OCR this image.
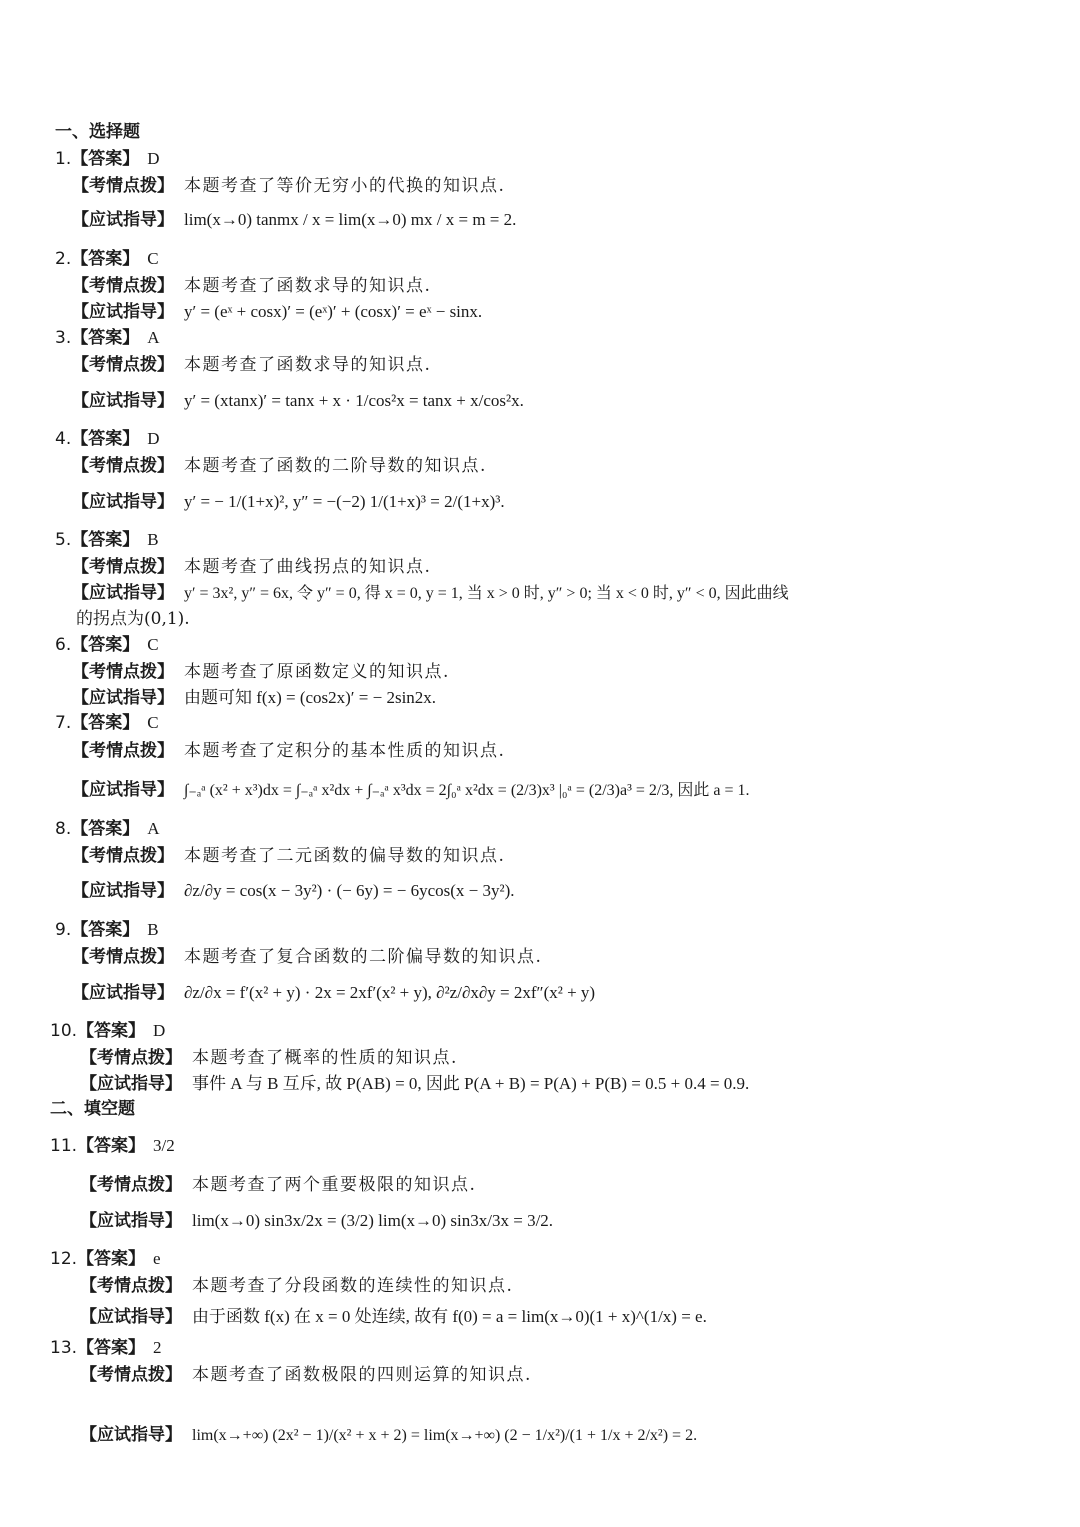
一、选择题
1.【答案】 D
【考情点拨】 本题考查了等价无穷小的代换的知识点.
【应试指导】 lim(x→0) tanmx / x = lim(x→0) mx / x = m = 2.
2.【答案】 C
【考情点拨】 本题考查了函数求导的知识点.
【应试指导】 y′ = (eˣ + cosx)′ = (eˣ)′ + (cosx)′ = eˣ − sinx.
3.【答案】 A
【考情点拨】 本题考查了函数求导的知识点.
【应试指导】 y′ = (xtanx)′ = tanx + x · 1/cos²x = tanx + x/cos²x.
4.【答案】 D
【考情点拨】 本题考查了函数的二阶导数的知识点.
【应试指导】 y′ = − 1/(1+x)², y″ = −(−2) 1/(1+x)³ = 2/(1+x)³.
5.【答案】 B
【考情点拨】 本题考查了曲线拐点的知识点.
【应试指导】 y′ = 3x², y″ = 6x, 令 y″ = 0, 得 x = 0, y = 1, 当 x > 0 时, y″ > 0; 当 x < 0 时, y″ < 0, 因此曲线
的拐点为(0,1).
6.【答案】 C
【考情点拨】 本题考查了原函数定义的知识点.
【应试指导】 由题可知 f(x) = (cos2x)′ = − 2sin2x.
7.【答案】 C
【考情点拨】 本题考查了定积分的基本性质的知识点.
【应试指导】 ∫₋ₐᵃ (x² + x³)dx = ∫₋ₐᵃ x²dx + ∫₋ₐᵃ x³dx = 2∫₀ᵃ x²dx = (2/3)x³ |₀ᵃ = (2/3)a³ = 2/3, 因此 a = 1.
8.【答案】 A
【考情点拨】 本题考查了二元函数的偏导数的知识点.
【应试指导】 ∂z/∂y = cos(x − 3y²) · (− 6y) = − 6ycos(x − 3y²).
9.【答案】 B
【考情点拨】 本题考查了复合函数的二阶偏导数的知识点.
【应试指导】 ∂z/∂x = f′(x² + y) · 2x = 2xf′(x² + y), ∂²z/∂x∂y = 2xf″(x² + y)
10.【答案】 D
【考情点拨】 本题考查了概率的性质的知识点.
【应试指导】 事件 A 与 B 互斥, 故 P(AB) = 0, 因此 P(A + B) = P(A) + P(B) = 0.5 + 0.4 = 0.9.
二、填空题
11.【答案】 3/2
【考情点拨】 本题考查了两个重要极限的知识点.
【应试指导】 lim(x→0) sin3x/2x = (3/2) lim(x→0) sin3x/3x = 3/2.
12.【答案】 e
【考情点拨】 本题考查了分段函数的连续性的知识点.
【应试指导】 由于函数 f(x) 在 x = 0 处连续, 故有 f(0) = a = lim(x→0)(1 + x)^(1/x) = e.
13.【答案】 2
【考情点拨】 本题考查了函数极限的四则运算的知识点.
【应试指导】 lim(x→+∞) (2x² − 1)/(x² + x + 2) = lim(x→+∞) (2 − 1/x²)/(1 + 1/x + 2/x²) = 2.
